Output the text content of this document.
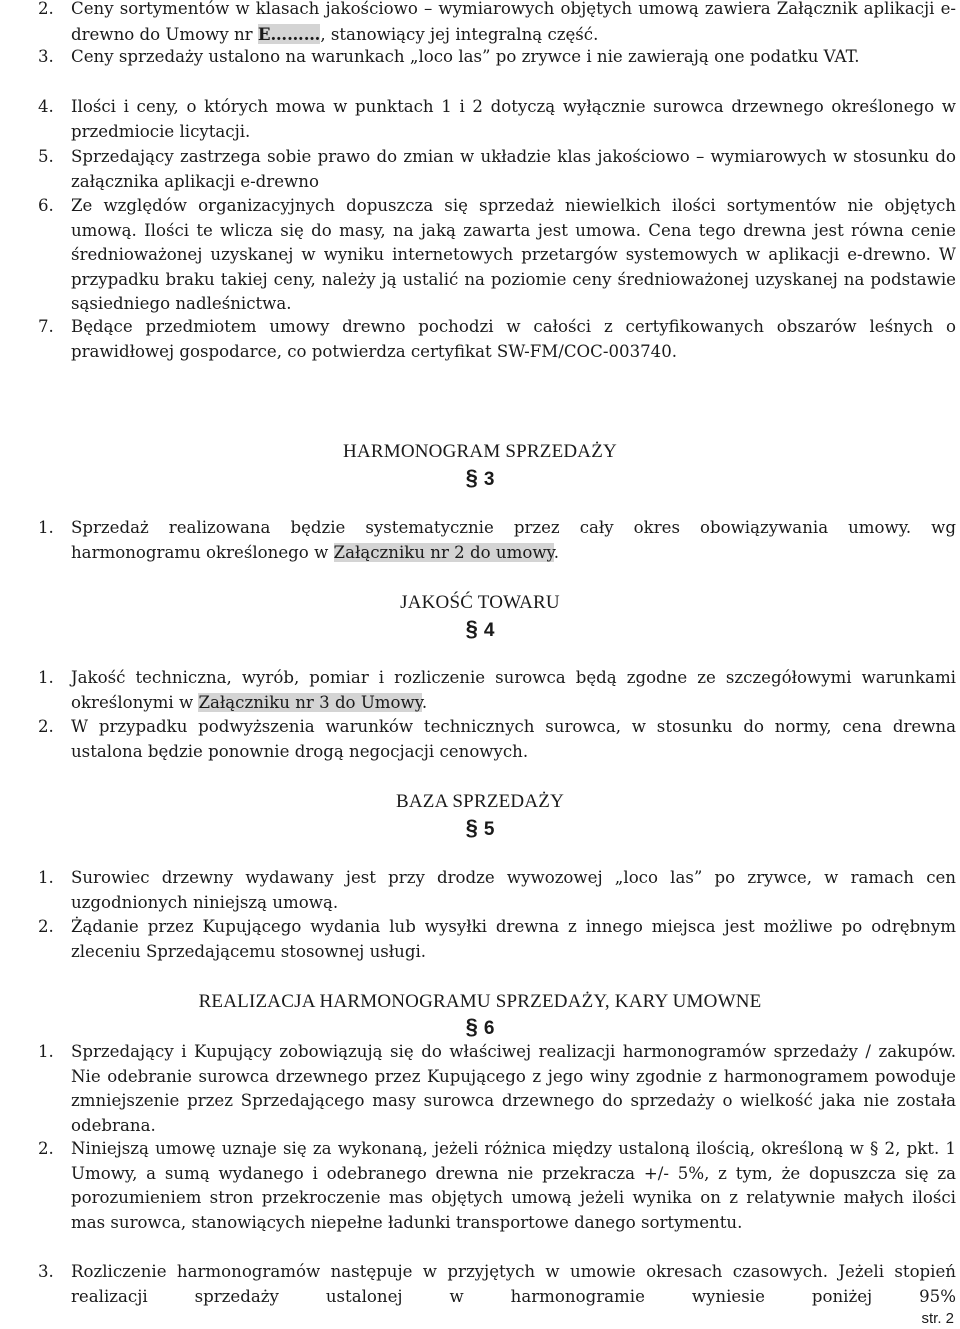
2.	Ceny sortymentów w klasach jakościowo – wymiarowych objętych umową zawiera Załącznik aplikacji e-drewno do Umowy nr E………, stanowiący jej integralną część.
3.	Ceny sprzedaży ustalono na warunkach „loco las” po zrywce i nie zawierają one podatku VAT.
4.	Ilości i ceny, o których mowa w punktach 1 i 2 dotyczą wyłącznie surowca drzewnego określonego w przedmiocie licytacji.
5.	Sprzedający zastrzega sobie prawo do zmian w układzie klas jakościowo – wymiarowych w stosunku do załącznika aplikacji e-drewno
6.	Ze względów organizacyjnych dopuszcza się sprzedaż niewielkich ilości sortymentów nie objętych umową. Ilości te wlicza się do masy, na jaką zawarta jest umowa. Cena tego drewna jest równa cenie średnioważonej uzyskanej w wyniku internetowych przetargów systemowych w aplikacji e-drewno. W przypadku braku takiej ceny, należy ją ustalić na poziomie ceny średnioważonej uzyskanej na podstawie sąsiedniego nadleśnictwa.
7.	Będące przedmiotem umowy drewno pochodzi w całości z certyfikowanych obszarów leśnych o prawidłowej gospodarce, co potwierdza certyfikat SW-FM/COC-003740.
HARMONOGRAM SPRZEDAŻY
§ 3
1.	Sprzedaż realizowana będzie systematycznie przez cały okres obowiązywania umowy. wg harmonogramu określonego w Załączniku nr 2 do umowy.
JAKOŚĆ TOWARU
§ 4
1.	Jakość techniczna, wyrób, pomiar i rozliczenie surowca będą zgodne ze szczegółowymi warunkami określonymi w Załączniku nr 3 do Umowy.
2.	W przypadku podwyższenia warunków technicznych surowca, w stosunku do normy, cena drewna ustalona będzie ponownie drogą negocjacji cenowych.
BAZA SPRZEDAŻY
§ 5
1.	Surowiec drzewny wydawany jest przy drodze wywozowej „loco las” po zrywce, w ramach cen uzgodnionych niniejszą umową.
2.	Żądanie przez Kupującego wydania lub wysyłki drewna z innego miejsca jest możliwe po odrębnym zleceniu Sprzedającemu stosownej usługi.
REALIZACJA HARMONOGRAMU SPRZEDAŻY, KARY UMOWNE
§ 6
1.	Sprzedający i Kupujący zobowiązują się do właściwej realizacji harmonogramów sprzedaży / zakupów. Nie odebranie surowca drzewnego przez Kupującego z jego winy zgodnie z harmonogramem powoduje zmniejszenie przez Sprzedającego masy surowca drzewnego do sprzedaży o wielkość jaka nie została odebrana.
2.	Niniejszą umowę uznaje się za wykonaną, jeżeli różnica między ustaloną ilością, określoną w § 2, pkt. 1 Umowy, a sumą wydanego i odebranego drewna nie przekracza +/- 5%, z tym, że dopuszcza się za porozumieniem stron przekroczenie mas objętych umową jeżeli wynika on z relatywnie małych ilości mas surowca, stanowiących niepełne ładunki transportowe danego sortymentu.
3.	Rozliczenie harmonogramów następuje w przyjętych w umowie okresach czasowych. Jeżeli stopień realizacji sprzedaży ustalonej w harmonogramie wyniesie poniżej 95%
str. 2
